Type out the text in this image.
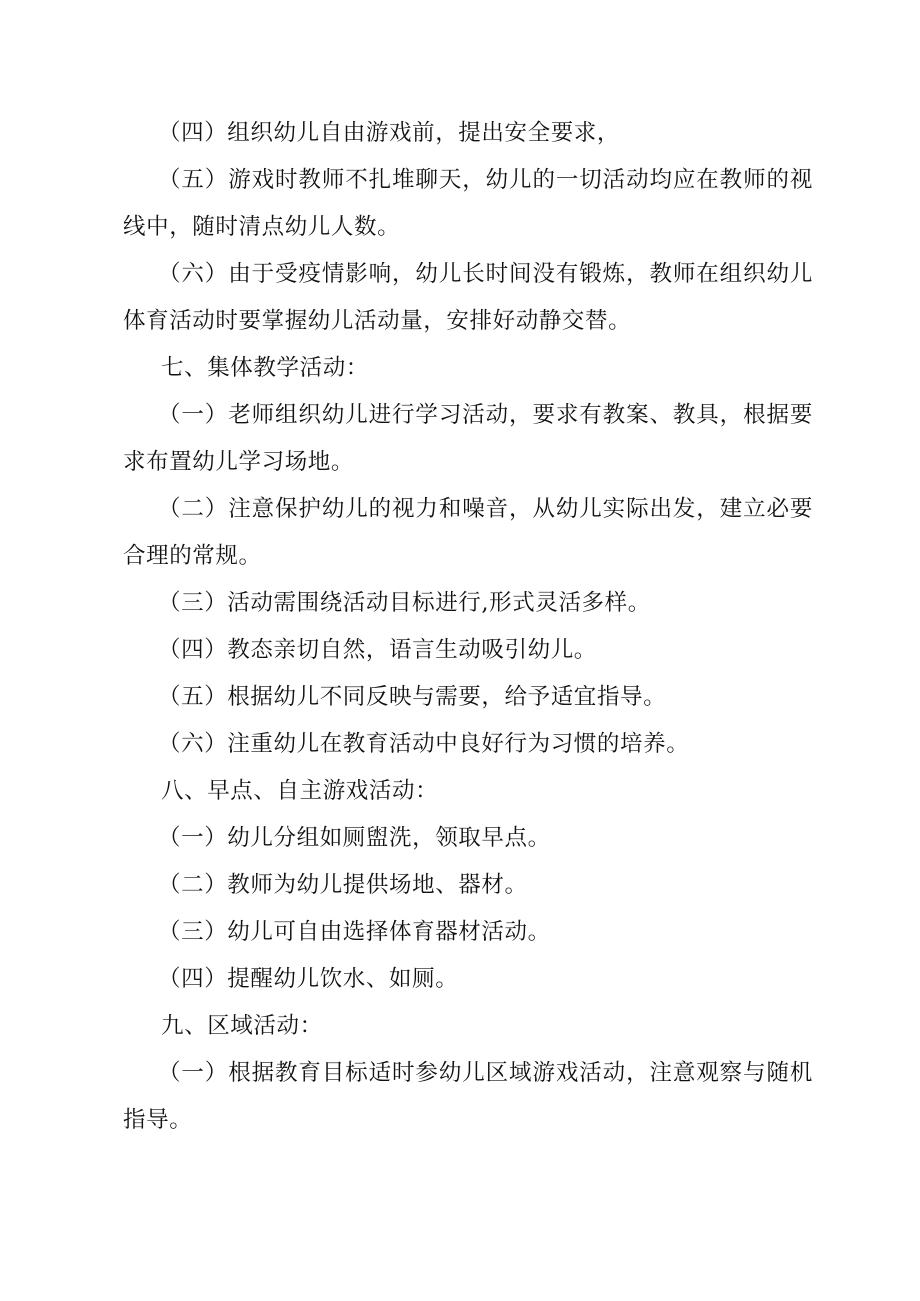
（四）组织幼儿自由游戏前，提出安全要求，

（五）游戏时教师不扎堆聊天，幼儿的一切活动均应在教师的视线中，随时清点幼儿人数。

（六）由于受疫情影响，幼儿长时间没有锻炼，教师在组织幼儿体育活动时要掌握幼儿活动量，安排好动静交替。

七、集体教学活动：

（一）老师组织幼儿进行学习活动，要求有教案、教具，根据要求布置幼儿学习场地。

（二）注意保护幼儿的视力和噪音，从幼儿实际出发，建立必要合理的常规。

（三）活动需围绕活动目标进行,形式灵活多样。

（四）教态亲切自然，语言生动吸引幼儿。

（五）根据幼儿不同反映与需要，给予适宜指导。

（六）注重幼儿在教育活动中良好行为习惯的培养。

八、早点、自主游戏活动：

（一）幼儿分组如厕盥洗，领取早点。

（二）教师为幼儿提供场地、器材。

（三）幼儿可自由选择体育器材活动。

（四）提醒幼儿饮水、如厕。

九、区域活动：

（一）根据教育目标适时参幼儿区域游戏活动，注意观察与随机指导。
